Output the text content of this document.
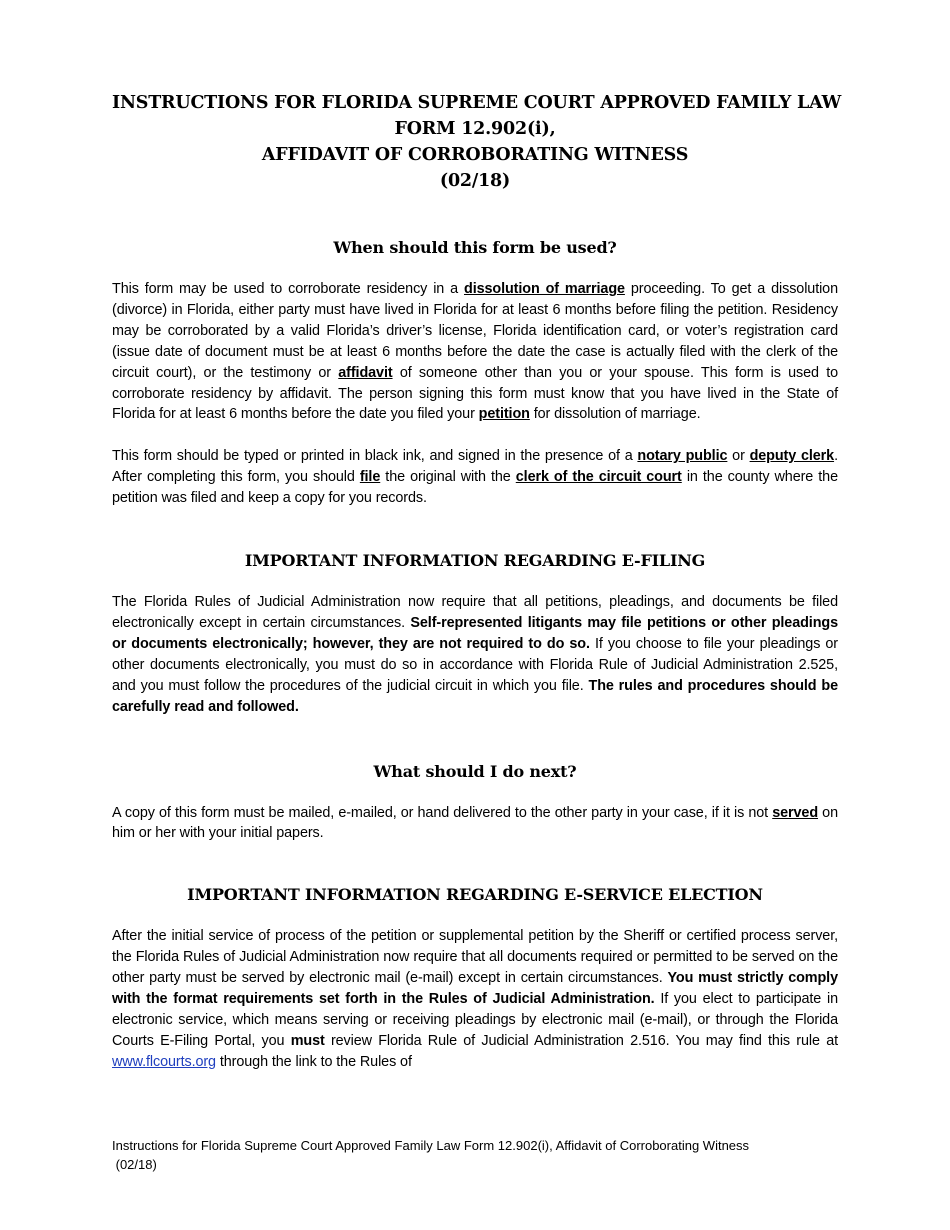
INSTRUCTIONS FOR FLORIDA SUPREME COURT APPROVED FAMILY LAW
FORM 12.902(i),
AFFIDAVIT OF CORROBORATING WITNESS
(02/18)
When should this form be used?

This form may be used to corroborate residency in a dissolution of marriage proceeding. To get a dissolution (divorce) in Florida, either party must have lived in Florida for at least 6 months before filing the petition. Residency may be corroborated by a valid Florida’s driver’s license, Florida identification card, or voter’s registration card (issue date of document must be at least 6 months before the date the case is actually filed with the clerk of the circuit court), or the testimony or affidavit of someone other than you or your spouse. This form is used to corroborate residency by affidavit. The person signing this form must know that you have lived in the State of Florida for at least 6 months before the date you filed your petition for dissolution of marriage.

This form should be typed or printed in black ink, and signed in the presence of a notary public or deputy clerk. After completing this form, you should file the original with the clerk of the circuit court in the county where the petition was filed and keep a copy for you records.

IMPORTANT INFORMATION REGARDING E-FILING

The Florida Rules of Judicial Administration now require that all petitions, pleadings, and documents be filed electronically except in certain circumstances. Self-represented litigants may file petitions or other pleadings or documents electronically; however, they are not required to do so. If you choose to file your pleadings or other documents electronically, you must do so in accordance with Florida Rule of Judicial Administration 2.525, and you must follow the procedures of the judicial circuit in which you file. The rules and procedures should be carefully read and followed.

What should I do next?

A copy of this form must be mailed, e-mailed, or hand delivered to the other party in your case, if it is not served on him or her with your initial papers.

IMPORTANT INFORMATION REGARDING E-SERVICE ELECTION

After the initial service of process of the petition or supplemental petition by the Sheriff or certified process server, the Florida Rules of Judicial Administration now require that all documents required or permitted to be served on the other party must be served by electronic mail (e-mail) except in certain circumstances. You must strictly comply with the format requirements set forth in the Rules of Judicial Administration. If you elect to participate in electronic service, which means serving or receiving pleadings by electronic mail (e-mail), or through the Florida Courts E-Filing Portal, you must review Florida Rule of Judicial Administration 2.516. You may find this rule at www.flcourts.org through the link to the Rules of

Instructions for Florida Supreme Court Approved Family Law Form 12.902(i), Affidavit of Corroborating Witness
(02/18)
